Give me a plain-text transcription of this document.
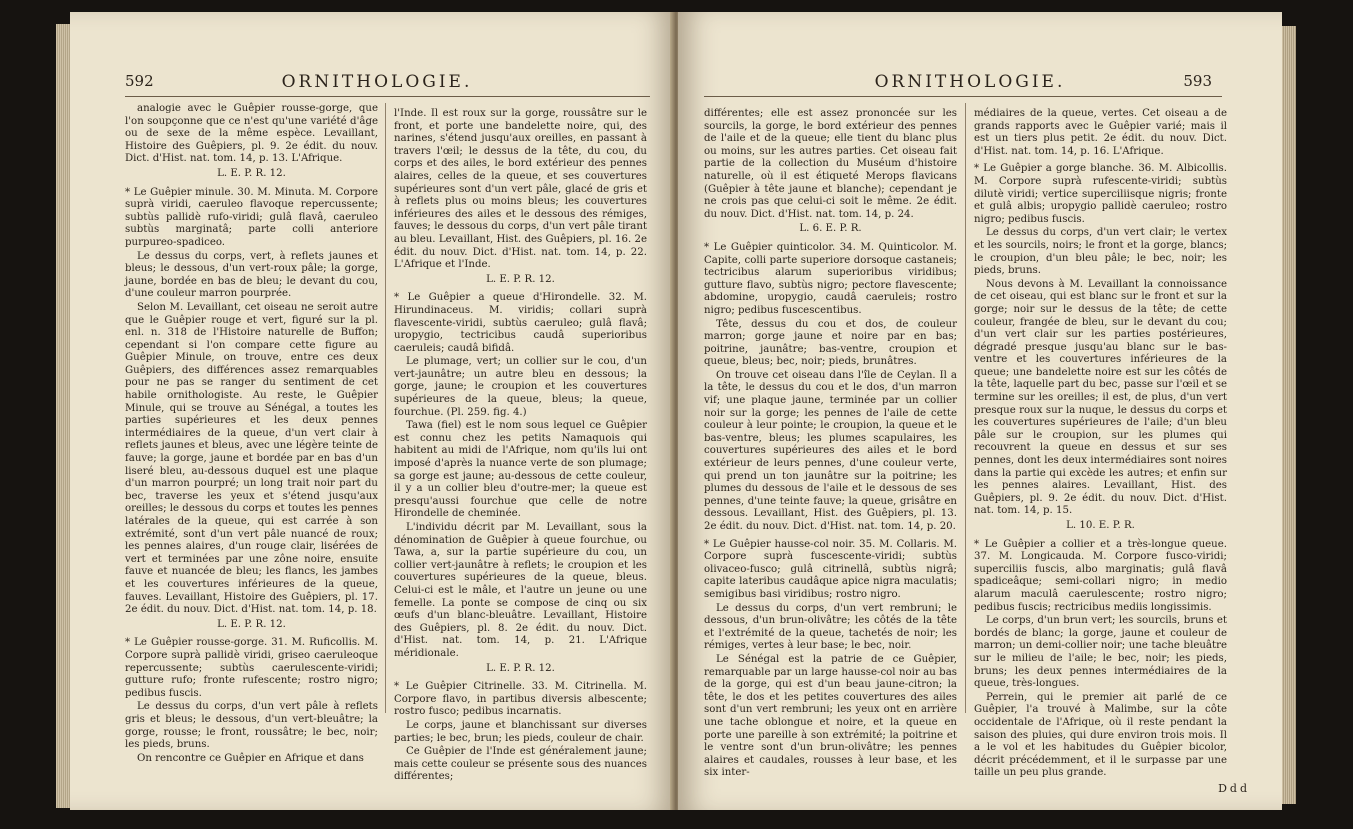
592	ORNITHOLOGIE.

analogie avec le Guêpier rousse-gorge, que l'on soupçonne que ce n'est qu'une variété d'âge ou de sexe de la même espèce. Levaillant, Histoire des Guêpiers, pl. 9. 2e édit. du nouv. Dict. d'Hist. nat. tom. 14, p. 13. L'Afrique.

L. E. P. R. 12.

* Le Guêpier minule. 30. M. Minuta. M. Corpore suprà viridi, caeruleo flavoque repercussente; subtùs pallidè rufo-viridi; gulâ flavâ, caeruleo subtùs marginatâ; parte colli anteriore purpureo-spadiceo.

Le dessus du corps, vert, à reflets jaunes et bleus; le dessous, d'un vert-roux pâle; la gorge, jaune, bordée en bas de bleu; le devant du cou, d'une couleur marron pourprée.

Selon M. Levaillant, cet oiseau ne seroit autre que le Guêpier rouge et vert, figuré sur la pl. enl. n. 318 de l'Histoire naturelle de Buffon; cependant si l'on compare cette figure au Guêpier Minule, on trouve, entre ces deux Guêpiers, des différences assez remarquables pour ne pas se ranger du sentiment de cet habile ornithologiste. Au reste, le Guêpier Minule, qui se trouve au Sénégal, a toutes les parties supérieures et les deux pennes intermédiaires de la queue, d'un vert clair à reflets jaunes et bleus, avec une légère teinte de fauve; la gorge, jaune et bordée par en bas d'un liseré bleu, au-dessous duquel est une plaque d'un marron pourpré; un long trait noir part du bec, traverse les yeux et s'étend jusqu'aux oreilles; le dessous du corps et toutes les pennes latérales de la queue, qui est carrée à son extrémité, sont d'un vert pâle nuancé de roux; les pennes alaires, d'un rouge clair, lisérées de vert et terminées par une zône noire, ensuite fauve et nuancée de bleu; les flancs, les jambes et les couvertures inférieures de la queue, fauves. Levaillant, Histoire des Guêpiers, pl. 17. 2e édit. du nouv. Dict. d'Hist. nat. tom. 14, p. 18.

L. E. P. R. 12.

* Le Guêpier rousse-gorge. 31. M. Ruficollis. M. Corpore suprà pallidè viridi, griseo caeruleoque repercussente; subtùs caerulescente-viridi; gutture rufo; fronte rufescente; rostro nigro; pedibus fuscis.

Le dessus du corps, d'un vert pâle à reflets gris et bleus; le dessous, d'un vert-bleuâtre; la gorge, rousse; le front, roussâtre; le bec, noir; les pieds, bruns.

On rencontre ce Guêpier en Afrique et dans

l'Inde. Il est roux sur la gorge, roussâtre sur le front, et porte une bandelette noire, qui, des narines, s'étend jusqu'aux oreilles, en passant à travers l'œil; le dessus de la tête, du cou, du corps et des ailes, le bord extérieur des pennes alaires, celles de la queue, et ses couvertures supérieures sont d'un vert pâle, glacé de gris et à reflets plus ou moins bleus; les couvertures inférieures des ailes et le dessous des rémiges, fauves; le dessous du corps, d'un vert pâle tirant au bleu. Levaillant, Hist. des Guêpiers, pl. 16. 2e édit. du nouv. Dict. d'Hist. nat. tom. 14, p. 22. L'Afrique et l'Inde.

L. E. P. R. 12.

* Le Guêpier a queue d'Hirondelle. 32. M. Hirundinaceus. M. viridis; collari suprà flavescente-viridi, subtùs caeruleo; gulâ flavâ; uropygio, tectricibus caudâ superioribus caeruleis; caudâ bifidâ.

Le plumage, vert; un collier sur le cou, d'un vert-jaunâtre; un autre bleu en dessous; la gorge, jaune; le croupion et les couvertures supérieures de la queue, bleus; la queue, fourchue. (Pl. 259. fig. 4.)

Tawa (fiel) est le nom sous lequel ce Guêpier est connu chez les petits Namaquois qui habitent au midi de l'Afrique, nom qu'ils lui ont imposé d'après la nuance verte de son plumage; sa gorge est jaune; au-dessous de cette couleur, il y a un collier bleu d'outre-mer; la queue est presqu'aussi fourchue que celle de notre Hirondelle de cheminée.

L'individu décrit par M. Levaillant, sous la dénomination de Guêpier à queue fourchue, ou Tawa, a, sur la partie supérieure du cou, un collier vert-jaunâtre à reflets; le croupion et les couvertures supérieures de la queue, bleus. Celui-ci est le mâle, et l'autre un jeune ou une femelle. La ponte se compose de cinq ou six œufs d'un blanc-bleuâtre. Levaillant, Histoire des Guêpiers, pl. 8. 2e édit. du nouv. Dict. d'Hist. nat. tom. 14, p. 21. L'Afrique méridionale.

L. E. P. R. 12.

* Le Guêpier Citrinelle. 33. M. Citrinella. M. Corpore flavo, in partibus diversis albescente; rostro fusco; pedibus incarnatis.

Le corps, jaune et blanchissant sur diverses parties; le bec, brun; les pieds, couleur de chair.

Ce Guêpier de l'Inde est généralement jaune; mais cette couleur se présente sous des nuances différentes;

ORNITHOLOGIE.	593

différentes; elle est assez prononcée sur les sourcils, la gorge, le bord extérieur des pennes de l'aile et de la queue; elle tient du blanc plus ou moins, sur les autres parties. Cet oiseau fait partie de la collection du Muséum d'histoire naturelle, où il est étiqueté Merops flavicans (Guêpier à tête jaune et blanche); cependant je ne crois pas que celui-ci soit le même. 2e édit. du nouv. Dict. d'Hist. nat. tom. 14, p. 24.

L. 6. E. P. R.

* Le Guêpier quinticolor. 34. M. Quinticolor. M. Capite, colli parte superiore dorsoque castaneis; tectricibus alarum superioribus viridibus; gutture flavo, subtùs nigro; pectore flavescente; abdomine, uropygio, caudâ caeruleis; rostro nigro; pedibus fuscescentibus.

Tête, dessus du cou et dos, de couleur marron; gorge jaune et noire par en bas; poitrine, jaunâtre; bas-ventre, croupion et queue, bleus; bec, noir; pieds, brunâtres.

On trouve cet oiseau dans l'île de Ceylan. Il a la tête, le dessus du cou et le dos, d'un marron vif; une plaque jaune, terminée par un collier noir sur la gorge; les pennes de l'aile de cette couleur à leur pointe; le croupion, la queue et le bas-ventre, bleus; les plumes scapulaires, les couvertures supérieures des ailes et le bord extérieur de leurs pennes, d'une couleur verte, qui prend un ton jaunâtre sur la poitrine; les plumes du dessous de l'aile et le dessous de ses pennes, d'une teinte fauve; la queue, grisâtre en dessous. Levaillant, Hist. des Guêpiers, pl. 13. 2e édit. du nouv. Dict. d'Hist. nat. tom. 14, p. 20.

* Le Guêpier hausse-col noir. 35. M. Collaris. M. Corpore suprà fuscescente-viridi; subtùs olivaceo-fusco; gulâ citrinellâ, subtùs nigrâ; capite lateribus caudâque apice nigra maculatis; semigibus basi viridibus; rostro nigro.

Le dessus du corps, d'un vert rembruni; le dessous, d'un brun-olivâtre; les côtés de la tête et l'extrémité de la queue, tachetés de noir; les rémiges, vertes à leur base; le bec, noir.

Le Sénégal est la patrie de ce Guêpier, remarquable par un large hausse-col noir au bas de la gorge, qui est d'un beau jaune-citron; la tête, le dos et les petites couvertures des ailes sont d'un vert rembruni; les yeux ont en arrière une tache oblongue et noire, et la queue en porte une pareille à son extrémité; la poitrine et le ventre sont d'un brun-olivâtre; les pennes alaires et caudales, rousses à leur base, et les six inter-

médiaires de la queue, vertes. Cet oiseau a de grands rapports avec le Guêpier varié; mais il est un tiers plus petit. 2e édit. du nouv. Dict. d'Hist. nat. tom. 14, p. 16. L'Afrique.

* Le Guêpier a gorge blanche. 36. M. Albicollis. M. Corpore suprà rufescente-viridi; subtùs dilutè viridi; vertice superciliisque nigris; fronte et gulâ albis; uropygio pallidè caeruleo; rostro nigro; pedibus fuscis.

Le dessus du corps, d'un vert clair; le vertex et les sourcils, noirs; le front et la gorge, blancs; le croupion, d'un bleu pâle; le bec, noir; les pieds, bruns.

Nous devons à M. Levaillant la connoissance de cet oiseau, qui est blanc sur le front et sur la gorge; noir sur le dessus de la tête; de cette couleur, frangée de bleu, sur le devant du cou; d'un vert clair sur les parties postérieures, dégradé presque jusqu'au blanc sur le bas-ventre et les couvertures inférieures de la queue; une bandelette noire est sur les côtés de la tête, laquelle part du bec, passe sur l'œil et se termine sur les oreilles; il est, de plus, d'un vert presque roux sur la nuque, le dessus du corps et les couvertures supérieures de l'aile; d'un bleu pâle sur le croupion, sur les plumes qui recouvrent la queue en dessus et sur ses pennes, dont les deux intermédiaires sont noires dans la partie qui excède les autres; et enfin sur les pennes alaires. Levaillant, Hist. des Guêpiers, pl. 9. 2e édit. du nouv. Dict. d'Hist. nat. tom. 14, p. 15.

L. 10. E. P. R.

* Le Guêpier a collier et a très-longue queue. 37. M. Longicauda. M. Corpore fusco-viridi; superciliis fuscis, albo marginatis; gulâ flavâ spadiceâque; semi-collari nigro; in medio alarum maculâ caerulescente; rostro nigro; pedibus fuscis; rectricibus mediis longissimis.

Le corps, d'un brun vert; les sourcils, bruns et bordés de blanc; la gorge, jaune et couleur de marron; un demi-collier noir; une tache bleuâtre sur le milieu de l'aile; le bec, noir; les pieds, bruns; les deux pennes intermédiaires de la queue, très-longues.

Perrein, qui le premier ait parlé de ce Guêpier, l'a trouvé à Malimbe, sur la côte occidentale de l'Afrique, où il reste pendant la saison des pluies, qui dure environ trois mois. Il a le vol et les habitudes du Guêpier bicolor, décrit précédemment, et il le surpasse par une taille un peu plus grande.

Ddd
